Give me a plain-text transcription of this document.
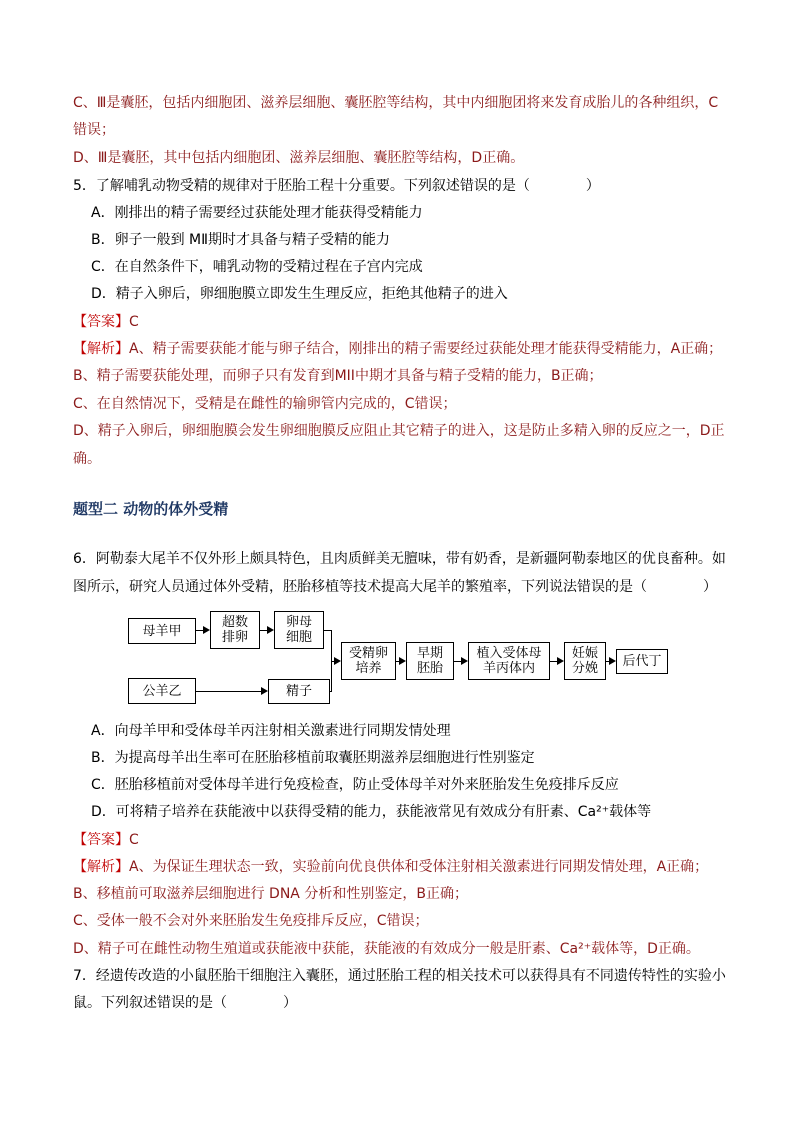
C、Ⅲ是囊胚，包括内细胞团、滋养层细胞、囊胚腔等结构，其中内细胞团将来发育成胎儿的各种组织，C
错误；
D、Ⅲ是囊胚，其中包括内细胞团、滋养层细胞、囊胚腔等结构，D正确。
5．了解哺乳动物受精的规律对于胚胎工程十分重要。下列叙述错误的是（　　　　）
A．刚排出的精子需要经过获能处理才能获得受精能力
B．卵子一般到 MⅡ期时才具备与精子受精的能力
C．在自然条件下，哺乳动物的受精过程在子宫内完成
D．精子入卵后，卵细胞膜立即发生生理反应，拒绝其他精子的进入
【答案】C
【解析】A、精子需要获能才能与卵子结合，刚排出的精子需要经过获能处理才能获得受精能力，A正确；
B、精子需要获能处理，而卵子只有发育到MII中期才具备与精子受精的能力，B正确；
C、在自然情况下，受精是在雌性的输卵管内完成的，C错误；
D、精子入卵后，卵细胞膜会发生卵细胞膜反应阻止其它精子的进入，这是防止多精入卵的反应之一，D正
确。
题型二 动物的体外受精
6．阿勒泰大尾羊不仅外形上颇具特色，且肉质鲜美无膻味，带有奶香，是新疆阿勒泰地区的优良畜种。如
图所示，研究人员通过体外受精，胚胎移植等技术提高大尾羊的繁殖率，下列说法错误的是（　　　　）
母羊甲
超数
排卵
卵母
细胞
公羊乙	精子
受精卵
培养
早期
胚胎
植入受体母
羊丙体内
妊娠
分娩 后代丁
A．向母羊甲和受体母羊丙注射相关激素进行同期发情处理
B．为提高母羊出生率可在胚胎移植前取囊胚期滋养层细胞进行性别鉴定
C．胚胎移植前对受体母羊进行免疫检查，防止受体母羊对外来胚胎发生免疫排斥反应
D．可将精子培养在获能液中以获得受精的能力，获能液常见有效成分有肝素、Ca²⁺载体等
【答案】C
【解析】A、为保证生理状态一致，实验前向优良供体和受体注射相关激素进行同期发情处理，A正确；
B、移植前可取滋养层细胞进行 DNA 分析和性别鉴定，B正确；
C、受体一般不会对外来胚胎发生免疫排斥反应，C错误；
D、精子可在雌性动物生殖道或获能液中获能，获能液的有效成分一般是肝素、Ca²⁺载体等，D正确。
7．经遗传改造的小鼠胚胎干细胞注入囊胚，通过胚胎工程的相关技术可以获得具有不同遗传特性的实验小
鼠。下列叙述错误的是（　　　　）
